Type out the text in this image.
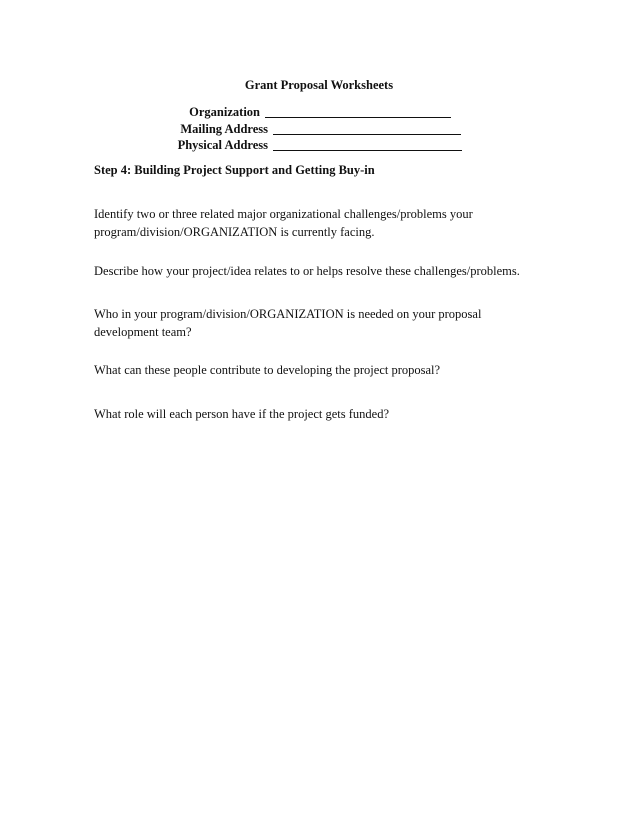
Grant Proposal Worksheets
Organization
Mailing Address
Physical Address
Step 4: Building Project Support and Getting Buy-in
Identify two or three related major organizational challenges/problems your program/division/ORGANIZATION is currently facing.
Describe how your project/idea relates to or helps resolve these challenges/problems.
Who in your program/division/ORGANIZATION is needed on your proposal development team?
What can these people contribute to developing the project proposal?
What role will each person have if the project gets funded?
